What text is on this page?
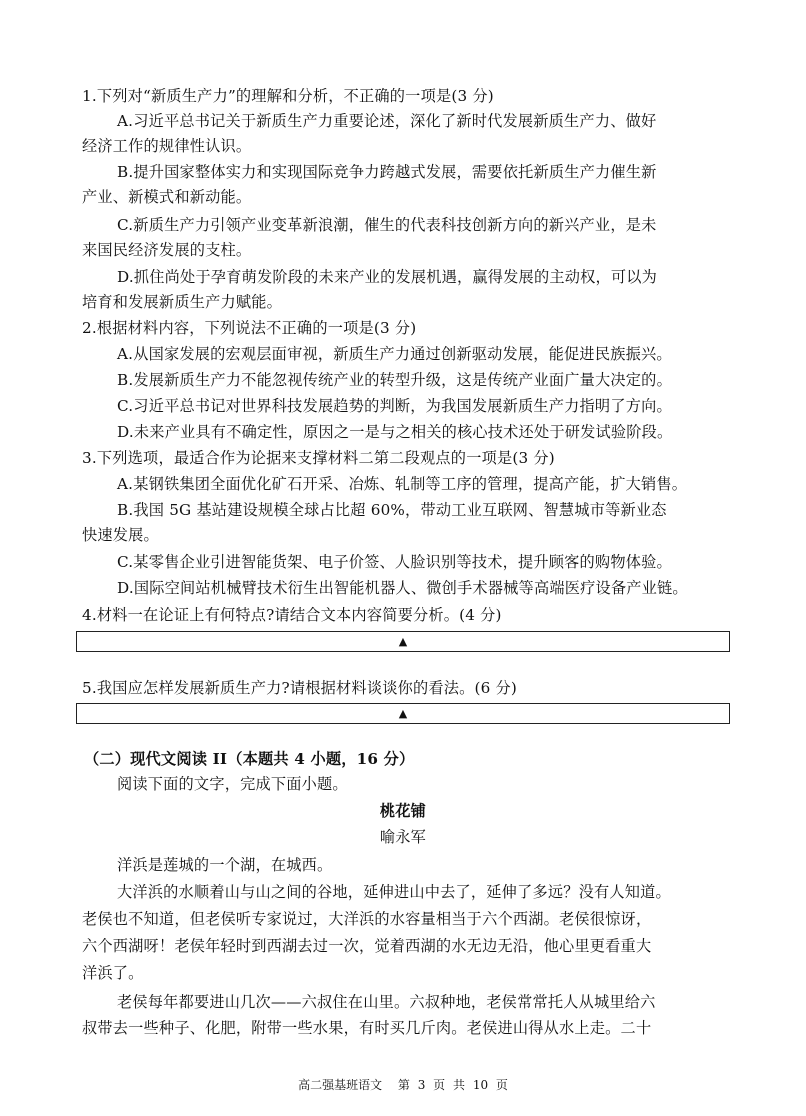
1.下列对“新质生产力”的理解和分析，不正确的一项是(3 分)
A.习近平总书记关于新质生产力重要论述，深化了新时代发展新质生产力、做好
经济工作的规律性认识。
B.提升国家整体实力和实现国际竞争力跨越式发展，需要依托新质生产力催生新
产业、新模式和新动能。
C.新质生产力引领产业变革新浪潮，催生的代表科技创新方向的新兴产业，是未
来国民经济发展的支柱。
D.抓住尚处于孕育萌发阶段的未来产业的发展机遇，赢得发展的主动权，可以为
培育和发展新质生产力赋能。
2.根据材料内容，下列说法不正确的一项是(3 分)
A.从国家发展的宏观层面审视，新质生产力通过创新驱动发展，能促进民族振兴。
B.发展新质生产力不能忽视传统产业的转型升级，这是传统产业面广量大决定的。
C.习近平总书记对世界科技发展趋势的判断，为我国发展新质生产力指明了方向。
D.未来产业具有不确定性，原因之一是与之相关的核心技术还处于研发试验阶段。
3.下列选项，最适合作为论据来支撑材料二第二段观点的一项是(3 分)
A.某钢铁集团全面优化矿石开采、冶炼、轧制等工序的管理，提高产能，扩大销售。
B.我国 5G 基站建设规模全球占比超 60%，带动工业互联网、智慧城市等新业态
快速发展。
C.某零售企业引进智能货架、电子价签、人脸识别等技术，提升顾客的购物体验。
D.国际空间站机械臂技术衍生出智能机器人、微创手术器械等高端医疗设备产业链。
4.材料一在论证上有何特点?请结合文本内容简要分析。(4 分)
▲
5.我国应怎样发展新质生产力?请根据材料谈谈你的看法。(6 分)
▲
（二）现代文阅读 II（本题共 4 小题，16 分）
阅读下面的文字，完成下面小题。
桃花铺
喻永军
洋浜是莲城的一个湖，在城西。
大洋浜的水顺着山与山之间的谷地，延伸进山中去了，延伸了多远？没有人知道。
老侯也不知道，但老侯听专家说过，大洋浜的水容量相当于六个西湖。老侯很惊讶，
六个西湖呀！老侯年轻时到西湖去过一次，觉着西湖的水无边无沿，他心里更看重大
洋浜了。
老侯每年都要进山几次——六叔住在山里。六叔种地，老侯常常托人从城里给六
叔带去一些种子、化肥，附带一些水果，有时买几斤肉。老侯进山得从水上走。二十
高二强基班语文 第 3 页 共 10 页
